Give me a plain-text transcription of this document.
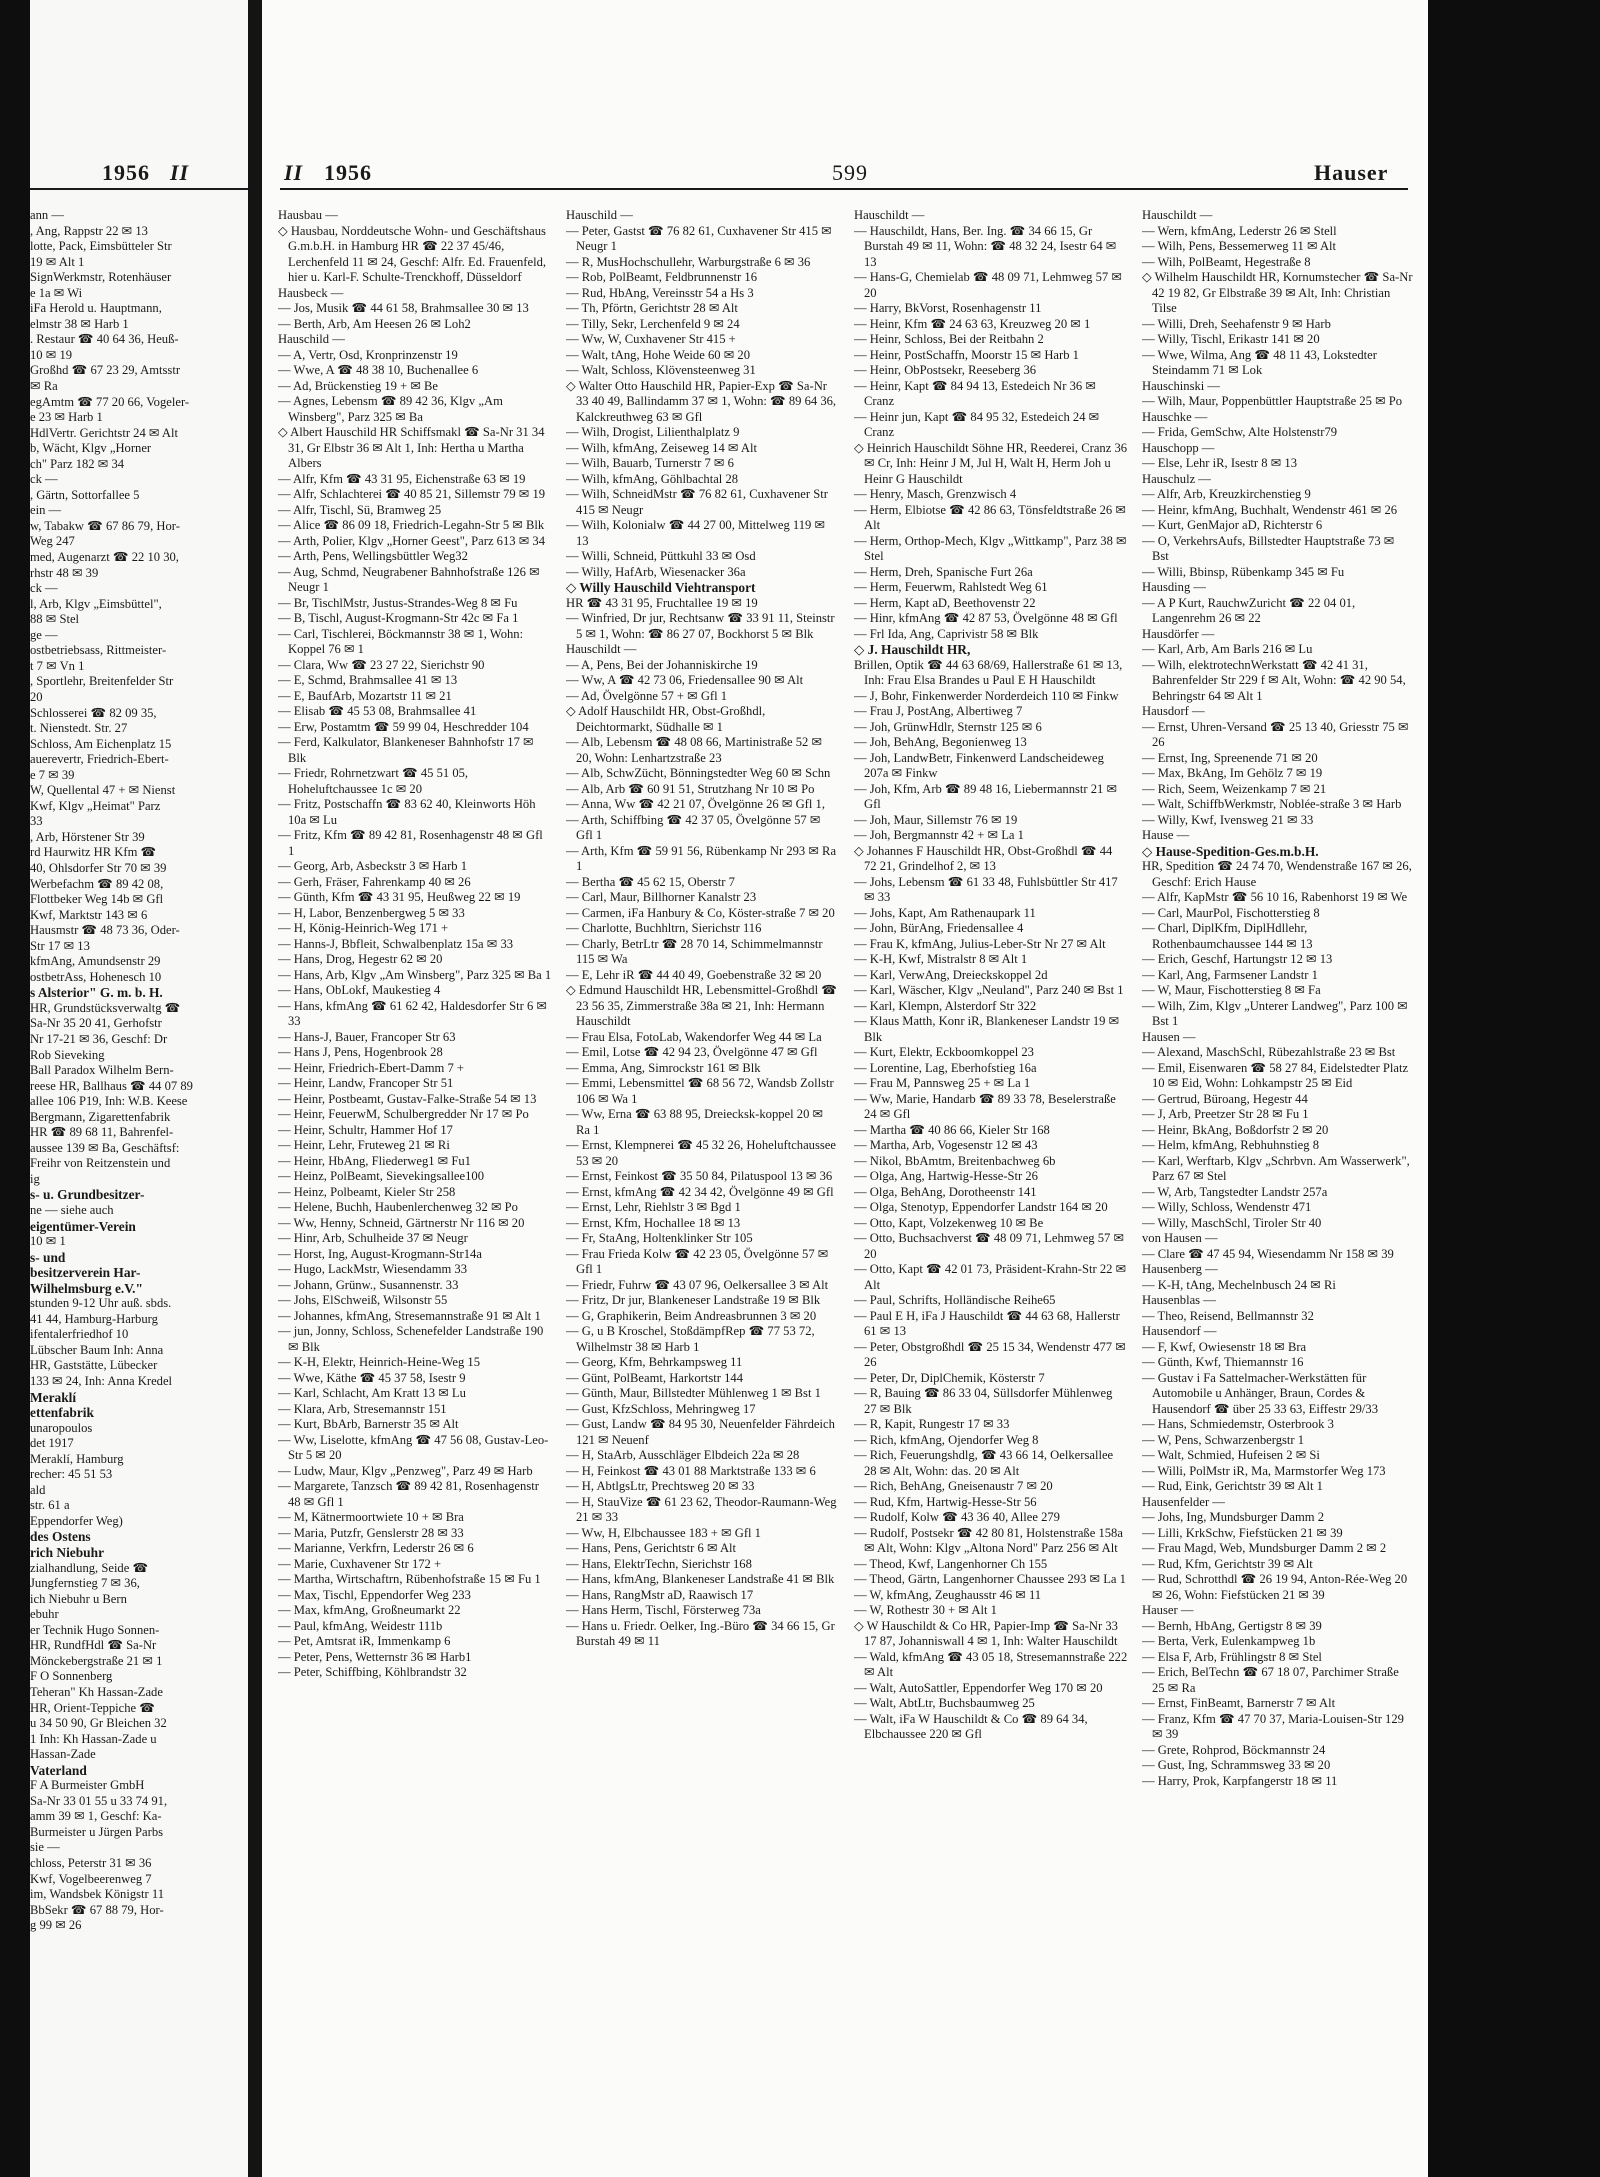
1956 II

ann —

, Ang, Rappstr 22 ✉ 13

lotte, Pack, Eimsbütteler Str

19 ✉ Alt 1

SignWerkmstr, Rotenhäuser

e 1a ✉ Wi

iFa Herold u. Hauptmann,

elmstr 38 ✉ Harb 1

. Restaur ☎ 40 64 36, Heuß-

10 ✉ 19

Großhd ☎ 67 23 29, Amtsstr

✉ Ra

egAmtm ☎ 77 20 66, Vogeler-

e 23 ✉ Harb 1

HdlVertr. Gerichtstr 24 ✉ Alt

b, Wächt, Klgv „Horner

ch" Parz 182 ✉ 34

ck —

, Gärtn, Sottorfallee 5

ein —

w, Tabakw ☎ 67 86 79, Hor-

Weg 247

med, Augenarzt ☎ 22 10 30,

rhstr 48 ✉ 39

ck —

l, Arb, Klgv „Eimsbüttel",

88 ✉ Stel

ge —

ostbetriebsass, Rittmeister-

t 7 ✉ Vn 1

, Sportlehr, Breitenfelder Str

20

Schlosserei ☎ 82 09 35,

t. Nienstedt. Str. 27

Schloss, Am Eichenplatz 15

auerevertr, Friedrich-Ebert-

e 7 ✉ 39

W, Quellental 47 + ✉ Nienst

Kwf, Klgv „Heimat" Parz

33

, Arb, Hörstener Str 39

rd Haurwitz HR Kfm ☎

40, Ohlsdorfer Str 70 ✉ 39

Werbefachm ☎ 89 42 08,

Flottbeker Weg 14b ✉ Gfl

Kwf, Marktstr 143 ✉ 6

Hausmstr ☎ 48 73 36, Oder-

Str 17 ✉ 13

kfmAng, Amundsenstr 29

ostbetrAss, Hohenesch 10

s Alsterior" G. m. b. H.

HR, Grundstücksverwaltg ☎

Sa-Nr 35 20 41, Gerhofstr

Nr 17-21 ✉ 36, Geschf: Dr

Rob Sieveking

Ball Paradox Wilhelm Bern-

reese HR, Ballhaus ☎ 44 07 89

allee 106 P19, Inh: W.B. Keese

Bergmann, Zigarettenfabrik

HR ☎ 89 68 11, Bahrenfel-

aussee 139 ✉ Ba, Geschäftsf:

Freihr von Reitzenstein und

ig

s- u. Grundbesitzer-

ne — siehe auch

eigentümer-Verein

10 ✉ 1

s- und

besitzerverein Har-

Wilhelmsburg e.V."

stunden 9-12 Uhr auß. sbds.

41 44, Hamburg-Harburg

ifentalerfriedhof 10

Lübscher Baum Inh: Anna

HR, Gaststätte, Lübecker

133 ✉ 24, Inh: Anna Kredel

Meraklí

ettenfabrik

unaropoulos

det 1917

Meraklí, Hamburg

recher: 45 51 53

ald

str. 61 a

Eppendorfer Weg)

des Ostens

rich Niebuhr

zialhandlung, Seide ☎

Jungfernstieg 7 ✉ 36,

ich Niebuhr u Bern

ebuhr

er Technik Hugo Sonnen-

HR, RundfHdl ☎ Sa-Nr

Mönckebergstraße 21 ✉ 1

F O Sonnenberg

Teheran" Kh Hassan-Zade

HR, Orient-Teppiche ☎

u 34 50 90, Gr Bleichen 32

1 Inh: Kh Hassan-Zade u

Hassan-Zade

Vaterland

F A Burmeister GmbH

Sa-Nr 33 01 55 u 33 74 91,

amm 39 ✉ 1, Geschf: Ka-

Burmeister u Jürgen Parbs

sie —

chloss, Peterstr 31 ✉ 36

Kwf, Vogelbeerenweg 7

im, Wandsbek Königstr 11

BbSekr ☎ 67 88 79, Hor-

g 99 ✉ 26

II 1956	599	Hauser

Hausbau —

◇ Hausbau, Norddeutsche Wohn- und Geschäftshaus G.m.b.H. in Hamburg HR ☎ 22 37 45/46, Lerchenfeld 11 ✉ 24, Geschf: Alfr. Ed. Frauenfeld, hier u. Karl-F. Schulte-Trenckhoff, Düsseldorf

Hausbeck —

— Jos, Musik ☎ 44 61 58, Brahmsallee 30 ✉ 13

— Berth, Arb, Am Heesen 26 ✉ Loh2

Hauschild —

— A, Vertr, Osd, Kronprinzenstr 19

— Wwe, A ☎ 48 38 10, Buchenallee 6

— Ad, Brückenstieg 19 + ✉ Be

— Agnes, Lebensm ☎ 89 42 36, Klgv „Am Winsberg", Parz 325 ✉ Ba

◇ Albert Hauschild HR Schiffsmakl ☎ Sa-Nr 31 34 31, Gr Elbstr 36 ✉ Alt 1, Inh: Hertha u Martha Albers

— Alfr, Kfm ☎ 43 31 95, Eichenstraße 63 ✉ 19

— Alfr, Schlachterei ☎ 40 85 21, Sillemstr 79 ✉ 19

— Alfr, Tischl, Sü, Bramweg 25

— Alice ☎ 86 09 18, Friedrich-Legahn-Str 5 ✉ Blk

— Arth, Polier, Klgv „Horner Geest", Parz 613 ✉ 34

— Arth, Pens, Wellingsbüttler Weg32

— Aug, Schmd, Neugrabener Bahnhofstraße 126 ✉ Neugr 1

— Br, TischlMstr, Justus-Strandes-Weg 8 ✉ Fu

— B, Tischl, August-Krogmann-Str 42c ✉ Fa 1

— Carl, Tischlerei, Böckmannstr 38 ✉ 1, Wohn: Koppel 76 ✉ 1

— Clara, Ww ☎ 23 27 22, Sierichstr 90

— E, Schmd, Brahmsallee 41 ✉ 13

— E, BaufArb, Mozartstr 11 ✉ 21

— Elisab ☎ 45 53 08, Brahmsallee 41

— Erw, Postamtm ☎ 59 99 04, Heschredder 104

— Ferd, Kalkulator, Blankeneser Bahnhofstr 17 ✉ Blk

— Friedr, Rohrnetzwart ☎ 45 51 05, Hoheluftchaussee 1c ✉ 20

— Fritz, Postschaffn ☎ 83 62 40, Kleinworts Höh 10a ✉ Lu

— Fritz, Kfm ☎ 89 42 81, Rosenhagenstr 48 ✉ Gfl 1

— Georg, Arb, Asbeckstr 3 ✉ Harb 1

— Gerh, Fräser, Fahrenkamp 40 ✉ 26

— Günth, Kfm ☎ 43 31 95, Heußweg 22 ✉ 19

— H, Labor, Benzenbergweg 5 ✉ 33

— H, König-Heinrich-Weg 171 +

— Hanns-J, Bbfleit, Schwalbenplatz 15a ✉ 33

— Hans, Drog, Hegestr 62 ✉ 20

— Hans, Arb, Klgv „Am Winsberg", Parz 325 ✉ Ba 1

— Hans, ObLokf, Maukestieg 4

— Hans, kfmAng ☎ 61 62 42, Haldesdorfer Str 6 ✉ 33

— Hans-J, Bauer, Francoper Str 63

— Hans J, Pens, Hogenbrook 28

— Heinr, Friedrich-Ebert-Damm 7 +

— Heinr, Landw, Francoper Str 51

— Heinr, Postbeamt, Gustav-Falke-Straße 54 ✉ 13

— Heinr, FeuerwM, Schulbergredder Nr 17 ✉ Po

— Heinr, Schultr, Hammer Hof 17

— Heinr, Lehr, Fruteweg 21 ✉ Ri

— Heinr, HbAng, Fliederweg1 ✉ Fu1

— Heinz, PolBeamt, Sievekingsallee100

— Heinz, Polbeamt, Kieler Str 258

— Helene, Buchh, Haubenlerchenweg 32 ✉ Po

— Ww, Henny, Schneid, Gärtnerstr Nr 116 ✉ 20

— Hinr, Arb, Schulheide 37 ✉ Neugr

— Horst, Ing, August-Krogmann-Str14a

— Hugo, LackMstr, Wiesendamm 33

— Johann, Grünw., Susannenstr. 33

— Johs, ElSchweiß, Wilsonstr 55

— Johannes, kfmAng, Stresemannstraße 91 ✉ Alt 1

— jun, Jonny, Schloss, Schenefelder Landstraße 190 ✉ Blk

— K-H, Elektr, Heinrich-Heine-Weg 15

— Wwe, Käthe ☎ 45 37 58, Isestr 9

— Karl, Schlacht, Am Kratt 13 ✉ Lu

— Klara, Arb, Stresemannstr 151

— Kurt, BbArb, Barnerstr 35 ✉ Alt

— Ww, Liselotte, kfmAng ☎ 47 56 08, Gustav-Leo-Str 5 ✉ 20

— Ludw, Maur, Klgv „Penzweg", Parz 49 ✉ Harb

— Margarete, Tanzsch ☎ 89 42 81, Rosenhagenstr 48 ✉ Gfl 1

— M, Kätnermoortwiete 10 + ✉ Bra

— Maria, Putzfr, Genslerstr 28 ✉ 33

— Marianne, Verkfrn, Lederstr 26 ✉ 6

— Marie, Cuxhavener Str 172 +

— Martha, Wirtschaftrn, Rübenhofstraße 15 ✉ Fu 1

— Max, Tischl, Eppendorfer Weg 233

— Max, kfmAng, Großneumarkt 22

— Paul, kfmAng, Weidestr 111b

— Pet, Amtsrat iR, Immenkamp 6

— Peter, Pens, Wetternstr 36 ✉ Harb1

— Peter, Schiffbing, Köhlbrandstr 32

Hauschild —

— Peter, Gastst ☎ 76 82 61, Cuxhavener Str 415 ✉ Neugr 1

— R, MusHochschullehr, Warburgstraße 6 ✉ 36

— Rob, PolBeamt, Feldbrunnenstr 16

— Rud, HbAng, Vereinsstr 54 a Hs 3

— Th, Pförtn, Gerichtstr 28 ✉ Alt

— Tilly, Sekr, Lerchenfeld 9 ✉ 24

— Ww, W, Cuxhavener Str 415 +

— Walt, tAng, Hohe Weide 60 ✉ 20

— Walt, Schloss, Klövensteenweg 31

◇ Walter Otto Hauschild HR, Papier-Exp ☎ Sa-Nr 33 40 49, Ballindamm 37 ✉ 1, Wohn: ☎ 89 64 36, Kalckreuthweg 63 ✉ Gfl

— Wilh, Drogist, Lilienthalplatz 9

— Wilh, kfmAng, Zeiseweg 14 ✉ Alt

— Wilh, Bauarb, Turnerstr 7 ✉ 6

— Wilh, kfmAng, Göhlbachtal 28

— Wilh, SchneidMstr ☎ 76 82 61, Cuxhavener Str 415 ✉ Neugr

— Wilh, Kolonialw ☎ 44 27 00, Mittelweg 119 ✉ 13

— Willi, Schneid, Püttkuhl 33 ✉ Osd

— Willy, HafArb, Wiesenacker 36a

◇ Willy Hauschild Viehtransport

HR ☎ 43 31 95, Fruchtallee 19 ✉ 19

— Winfried, Dr jur, Rechtsanw ☎ 33 91 11, Steinstr 5 ✉ 1, Wohn: ☎ 86 27 07, Bockhorst 5 ✉ Blk

Hauschildt —

— A, Pens, Bei der Johanniskirche 19

— Ww, A ☎ 42 73 06, Friedensallee 90 ✉ Alt

— Ad, Övelgönne 57 + ✉ Gfl 1

◇ Adolf Hauschildt HR, Obst-Großhdl, Deichtormarkt, Südhalle ✉ 1

— Alb, Lebensm ☎ 48 08 66, Martinistraße 52 ✉ 20, Wohn: Lenhartzstraße 23

— Alb, SchwZücht, Bönningstedter Weg 60 ✉ Schn

— Alb, Arb ☎ 60 91 51, Strutzhang Nr 10 ✉ Po

— Anna, Ww ☎ 42 21 07, Övelgönne 26 ✉ Gfl 1,

— Arth, Schiffbing ☎ 42 37 05, Övelgönne 57 ✉ Gfl 1

— Arth, Kfm ☎ 59 91 56, Rübenkamp Nr 293 ✉ Ra 1

— Bertha ☎ 45 62 15, Oberstr 7

— Carl, Maur, Billhorner Kanalstr 23

— Carmen, iFa Hanbury & Co, Köster-straße 7 ✉ 20

— Charlotte, Buchhltrn, Sierichstr 116

— Charly, BetrLtr ☎ 28 70 14, Schimmelmannstr 115 ✉ Wa

— E, Lehr iR ☎ 44 40 49, Goebenstraße 32 ✉ 20

◇ Edmund Hauschildt HR, Lebensmittel-Großhdl ☎ 23 56 35, Zimmerstraße 38a ✉ 21, Inh: Hermann Hauschildt

— Frau Elsa, FotoLab, Wakendorfer Weg 44 ✉ La

— Emil, Lotse ☎ 42 94 23, Övelgönne 47 ✉ Gfl

— Emma, Ang, Simrockstr 161 ✉ Blk

— Emmi, Lebensmittel ☎ 68 56 72, Wandsb Zollstr 106 ✉ Wa 1

— Ww, Erna ☎ 63 88 95, Dreiecksk-koppel 20 ✉ Ra 1

— Ernst, Klempnerei ☎ 45 32 26, Hoheluftchaussee 53 ✉ 20

— Ernst, Feinkost ☎ 35 50 84, Pilatuspool 13 ✉ 36

— Ernst, kfmAng ☎ 42 34 42, Övelgönne 49 ✉ Gfl

— Ernst, Lehr, Riehlstr 3 ✉ Bgd 1

— Ernst, Kfm, Hochallee 18 ✉ 13

— Fr, StaAng, Holtenklinker Str 105

— Frau Frieda Kolw ☎ 42 23 05, Övelgönne 57 ✉ Gfl 1

— Friedr, Fuhrw ☎ 43 07 96, Oelkersallee 3 ✉ Alt

— Fritz, Dr jur, Blankeneser Landstraße 19 ✉ Blk

— G, Graphikerin, Beim Andreasbrunnen 3 ✉ 20

— G, u B Kroschel, StoßdämpfRep ☎ 77 53 72, Wilhelmstr 38 ✉ Harb 1

— Georg, Kfm, Behrkampsweg 11

— Günt, PolBeamt, Harkortstr 144

— Günth, Maur, Billstedter Mühlenweg 1 ✉ Bst 1

— Gust, KfzSchloss, Mehringweg 17

— Gust, Landw ☎ 84 95 30, Neuenfelder Fährdeich 121 ✉ Neuenf

— H, StaArb, Ausschläger Elbdeich 22a ✉ 28

— H, Feinkost ☎ 43 01 88 Marktstraße 133 ✉ 6

— H, AbtlgsLtr, Prechtsweg 20 ✉ 33

— H, StauVize ☎ 61 23 62, Theodor-Raumann-Weg 21 ✉ 33

— Ww, H, Elbchaussee 183 + ✉ Gfl 1

— Hans, Pens, Gerichtstr 6 ✉ Alt

— Hans, ElektrTechn, Sierichstr 168

— Hans, kfmAng, Blankeneser Landstraße 41 ✉ Blk

— Hans, RangMstr aD, Raawisch 17

— Hans Herm, Tischl, Försterweg 73a

— Hans u. Friedr. Oelker, Ing.-Büro ☎ 34 66 15, Gr Burstah 49 ✉ 11

Hauschildt —

— Hauschildt, Hans, Ber. Ing. ☎ 34 66 15, Gr Burstah 49 ✉ 11, Wohn: ☎ 48 32 24, Isestr 64 ✉ 13

— Hans-G, Chemielab ☎ 48 09 71, Lehmweg 57 ✉ 20

— Harry, BkVorst, Rosenhagenstr 11

— Heinr, Kfm ☎ 24 63 63, Kreuzweg 20 ✉ 1

— Heinr, Schloss, Bei der Reitbahn 2

— Heinr, PostSchaffn, Moorstr 15 ✉ Harb 1

— Heinr, ObPostsekr, Reeseberg 36

— Heinr, Kapt ☎ 84 94 13, Estedeich Nr 36 ✉ Cranz

— Heinr jun, Kapt ☎ 84 95 32, Estedeich 24 ✉ Cranz

◇ Heinrich Hauschildt Söhne HR, Reederei, Cranz 36 ✉ Cr, Inh: Heinr J M, Jul H, Walt H, Herm Joh u Heinr G Hauschildt

— Henry, Masch, Grenzwisch 4

— Herm, Elbiotse ☎ 42 86 63, Tönsfeldtstraße 26 ✉ Alt

— Herm, Orthop-Mech, Klgv „Wittkamp", Parz 38 ✉ Stel

— Herm, Dreh, Spanische Furt 26a

— Herm, Feuerwm, Rahlstedt Weg 61

— Herm, Kapt aD, Beethovenstr 22

— Hinr, kfmAng ☎ 42 87 53, Övelgönne 48 ✉ Gfl

— Frl Ida, Ang, Caprivistr 58 ✉ Blk

◇ J. Hauschildt HR,

Brillen, Optik ☎ 44 63 68/69, Hallerstraße 61 ✉ 13, Inh: Frau Elsa Brandes u Paul E H Hauschildt

— J, Bohr, Finkenwerder Norderdeich 110 ✉ Finkw

— Frau J, PostAng, Albertiweg 7

— Joh, GrünwHdlr, Sternstr 125 ✉ 6

— Joh, BehAng, Begonienweg 13

— Joh, LandwBetr, Finkenwerd Landscheideweg 207a ✉ Finkw

— Joh, Kfm, Arb ☎ 89 48 16, Liebermannstr 21 ✉ Gfl

— Joh, Maur, Sillemstr 76 ✉ 19

— Joh, Bergmannstr 42 + ✉ La 1

◇ Johannes F Hauschildt HR, Obst-Großhdl ☎ 44 72 21, Grindelhof 2, ✉ 13

— Johs, Lebensm ☎ 61 33 48, Fuhlsbüttler Str 417 ✉ 33

— Johs, Kapt, Am Rathenaupark 11

— John, BürAng, Friedensallee 4

— Frau K, kfmAng, Julius-Leber-Str Nr 27 ✉ Alt

— K-H, Kwf, Mistralstr 8 ✉ Alt 1

— Karl, VerwAng, Dreieckskoppel 2d

— Karl, Wäscher, Klgv „Neuland", Parz 240 ✉ Bst 1

— Karl, Klempn, Alsterdorf Str 322

— Klaus Matth, Konr iR, Blankeneser Landstr 19 ✉ Blk

— Kurt, Elektr, Eckboomkoppel 23

— Lorentine, Lag, Eberhofstieg 16a

— Frau M, Pannsweg 25 + ✉ La 1

— Ww, Marie, Handarb ☎ 89 33 78, Beselerstraße 24 ✉ Gfl

— Martha ☎ 40 86 66, Kieler Str 168

— Martha, Arb, Vogesenstr 12 ✉ 43

— Nikol, BbAmtm, Breitenbachweg 6b

— Olga, Ang, Hartwig-Hesse-Str 26

— Olga, BehAng, Dorotheenstr 141

— Olga, Stenotyp, Eppendorfer Landstr 164 ✉ 20

— Otto, Kapt, Volzekenweg 10 ✉ Be

— Otto, Buchsachverst ☎ 48 09 71, Lehmweg 57 ✉ 20

— Otto, Kapt ☎ 42 01 73, Präsident-Krahn-Str 22 ✉ Alt

— Paul, Schrifts, Holländische Reihe65

— Paul E H, iFa J Hauschildt ☎ 44 63 68, Hallerstr 61 ✉ 13

— Peter, Obstgroßhdl ☎ 25 15 34, Wendenstr 477 ✉ 26

— Peter, Dr, DiplChemik, Kösterstr 7

— R, Bauing ☎ 86 33 04, Süllsdorfer Mühlenweg 27 ✉ Blk

— R, Kapit, Rungestr 17 ✉ 33

— Rich, kfmAng, Ojendorfer Weg 8

— Rich, Feuerungshdlg, ☎ 43 66 14, Oelkersallee 28 ✉ Alt, Wohn: das. 20 ✉ Alt

— Rich, BehAng, Gneisenaustr 7 ✉ 20

— Rud, Kfm, Hartwig-Hesse-Str 56

— Rudolf, Kolw ☎ 43 36 40, Allee 279

— Rudolf, Postsekr ☎ 42 80 81, Holstenstraße 158a ✉ Alt, Wohn: Klgv „Altona Nord" Parz 256 ✉ Alt

— Theod, Kwf, Langenhorner Ch 155

— Theod, Gärtn, Langenhorner Chaussee 293 ✉ La 1

— W, kfmAng, Zeughausstr 46 ✉ 11

— W, Rothestr 30 + ✉ Alt 1

◇ W Hauschildt & Co HR, Papier-Imp ☎ Sa-Nr 33 17 87, Johanniswall 4 ✉ 1, Inh: Walter Hauschildt

— Wald, kfmAng ☎ 43 05 18, Stresemannstraße 222 ✉ Alt

— Walt, AutoSattler, Eppendorfer Weg 170 ✉ 20

— Walt, AbtLtr, Buchsbaumweg 25

— Walt, iFa W Hauschildt & Co ☎ 89 64 34, Elbchaussee 220 ✉ Gfl

Hauschildt —

— Wern, kfmAng, Lederstr 26 ✉ Stell

— Wilh, Pens, Bessemerweg 11 ✉ Alt

— Wilh, PolBeamt, Hegestraße 8

◇ Wilhelm Hauschildt HR, Kornumstecher ☎ Sa-Nr 42 19 82, Gr Elbstraße 39 ✉ Alt, Inh: Christian Tilse

— Willi, Dreh, Seehafenstr 9 ✉ Harb

— Willy, Tischl, Erikastr 141 ✉ 20

— Wwe, Wilma, Ang ☎ 48 11 43, Lokstedter Steindamm 71 ✉ Lok

Hauschinski —

— Wilh, Maur, Poppenbüttler Hauptstraße 25 ✉ Po

Hauschke —

— Frida, GemSchw, Alte Holstenstr79

Hauschopp —

— Else, Lehr iR, Isestr 8 ✉ 13

Hauschulz —

— Alfr, Arb, Kreuzkirchenstieg 9

— Heinr, kfmAng, Buchhalt, Wendenstr 461 ✉ 26

— Kurt, GenMajor aD, Richterstr 6

— O, VerkehrsAufs, Billstedter Hauptstraße 73 ✉ Bst

— Willi, Bbinsp, Rübenkamp 345 ✉ Fu

Hausding —

— A P Kurt, RauchwZuricht ☎ 22 04 01, Langenrehm 26 ✉ 22

Hausdörfer —

— Karl, Arb, Am Barls 216 ✉ Lu

— Wilh, elektrotechnWerkstatt ☎ 42 41 31, Bahrenfelder Str 229 f ✉ Alt, Wohn: ☎ 42 90 54, Behringstr 64 ✉ Alt 1

Hausdorf —

— Ernst, Uhren-Versand ☎ 25 13 40, Griesstr 75 ✉ 26

— Ernst, Ing, Spreenende 71 ✉ 20

— Max, BkAng, Im Gehölz 7 ✉ 19

— Rich, Seem, Weizenkamp 7 ✉ 21

— Walt, SchiffbWerkmstr, Noblée-straße 3 ✉ Harb

— Willy, Kwf, Ivensweg 21 ✉ 33

Hause —

◇ Hause-Spedition-Ges.m.b.H.

HR, Spedition ☎ 24 74 70, Wendenstraße 167 ✉ 26, Geschf: Erich Hause

— Alfr, KapMstr ☎ 56 10 16, Rabenhorst 19 ✉ We

— Carl, MaurPol, Fischotterstieg 8

— Charl, DiplKfm, DiplHdllehr, Rothenbaumchaussee 144 ✉ 13

— Erich, Geschf, Hartungstr 12 ✉ 13

— Karl, Ang, Farmsener Landstr 1

— W, Maur, Fischotterstieg 8 ✉ Fa

— Wilh, Zim, Klgv „Unterer Landweg", Parz 100 ✉ Bst 1

Hausen —

— Alexand, MaschSchl, Rübezahlstraße 23 ✉ Bst

— Emil, Eisenwaren ☎ 58 27 84, Eidelstedter Platz 10 ✉ Eid, Wohn: Lohkampstr 25 ✉ Eid

— Gertrud, Büroang, Hegestr 44

— J, Arb, Preetzer Str 28 ✉ Fu 1

— Heinr, BkAng, Boßdorfstr 2 ✉ 20

— Helm, kfmAng, Rebhuhnstieg 8

— Karl, Werftarb, Klgv „Schrbvn. Am Wasserwerk", Parz 67 ✉ Stel

— W, Arb, Tangstedter Landstr 257a

— Willy, Schloss, Wendenstr 471

— Willy, MaschSchl, Tiroler Str 40

von Hausen —

— Clare ☎ 47 45 94, Wiesendamm Nr 158 ✉ 39

Hausenberg —

— K-H, tAng, Mechelnbusch 24 ✉ Ri

Hausenblas —

— Theo, Reisend, Bellmannstr 32

Hausendorf —

— F, Kwf, Owiesenstr 18 ✉ Bra

— Günth, Kwf, Thiemannstr 16

— Gustav i Fa Sattelmacher-Werkstätten für Automobile u Anhänger, Braun, Cordes & Hausendorf ☎ über 25 33 63, Eiffestr 29/33

— Hans, Schmiedemstr, Osterbrook 3

— W, Pens, Schwarzenbergstr 1

— Walt, Schmied, Hufeisen 2 ✉ Si

— Willi, PolMstr iR, Ma, Marmstorfer Weg 173

— Rud, Eink, Gerichtstr 39 ✉ Alt 1

Hausenfelder —

— Johs, Ing, Mundsburger Damm 2

— Lilli, KrkSchw, Fiefstücken 21 ✉ 39

— Frau Magd, Web, Mundsburger Damm 2 ✉ 2

— Rud, Kfm, Gerichtstr 39 ✉ Alt

— Rud, Schrotthdl ☎ 26 19 94, Anton-Rée-Weg 20 ✉ 26, Wohn: Fiefstücken 21 ✉ 39

Hauser —

— Bernh, HbAng, Gertigstr 8 ✉ 39

— Berta, Verk, Eulenkampweg 1b

— Elsa F, Arb, Frühlingstr 8 ✉ Stel

— Erich, BelTechn ☎ 67 18 07, Parchimer Straße 25 ✉ Ra

— Ernst, FinBeamt, Barnerstr 7 ✉ Alt

— Franz, Kfm ☎ 47 70 37, Maria-Louisen-Str 129 ✉ 39

— Grete, Rohprod, Böckmannstr 24

— Gust, Ing, Schrammsweg 33 ✉ 20

— Harry, Prok, Karpfangerstr 18 ✉ 11
